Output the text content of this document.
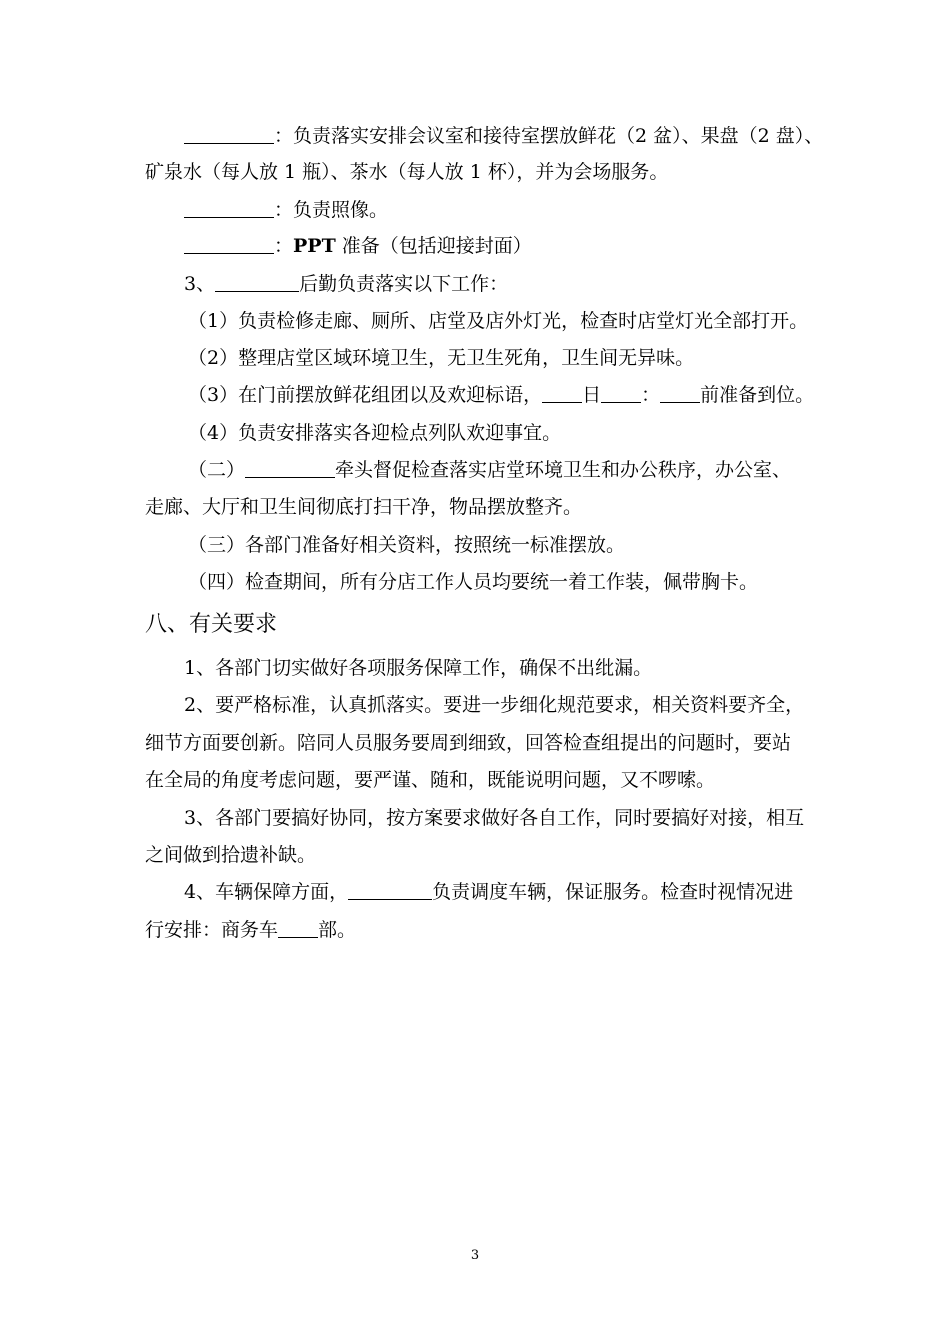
：负责落实安排会议室和接待室摆放鲜花（2 盆）、果盘（2 盘）、
矿泉水（每人放 1 瓶）、茶水（每人放 1 杯），并为会场服务。
：负责照像。
：PPT 准备（包括迎接封面）
3、	后勤负责落实以下工作：
（1）负责检修走廊、厕所、店堂及店外灯光，检查时店堂灯光全部打开。
（2）整理店堂区域环境卫生，无卫生死角，卫生间无异味。
（3）在门前摆放鲜花组团以及欢迎标语， 日 ： 前准备到位。
（4）负责安排落实各迎检点列队欢迎事宜。
（二）	牵头督促检查落实店堂环境卫生和办公秩序，办公室、
走廊、大厅和卫生间彻底打扫干净，物品摆放整齐。
（三）各部门准备好相关资料，按照统一标准摆放。
（四）检查期间，所有分店工作人员均要统一着工作装，佩带胸卡。
八、有关要求
1、各部门切实做好各项服务保障工作，确保不出纰漏。
2、要严格标准，认真抓落实。要进一步细化规范要求，相关资料要齐全，
细节方面要创新。陪同人员服务要周到细致，回答检查组提出的问题时，要站
在全局的角度考虑问题，要严谨、随和，既能说明问题，又不啰嗦。
3、各部门要搞好协同，按方案要求做好各自工作，同时要搞好对接，相互
之间做到拾遗补缺。
4、车辆保障方面，	负责调度车辆，保证服务。检查时视情况进
行安排：商务车 部。
3
